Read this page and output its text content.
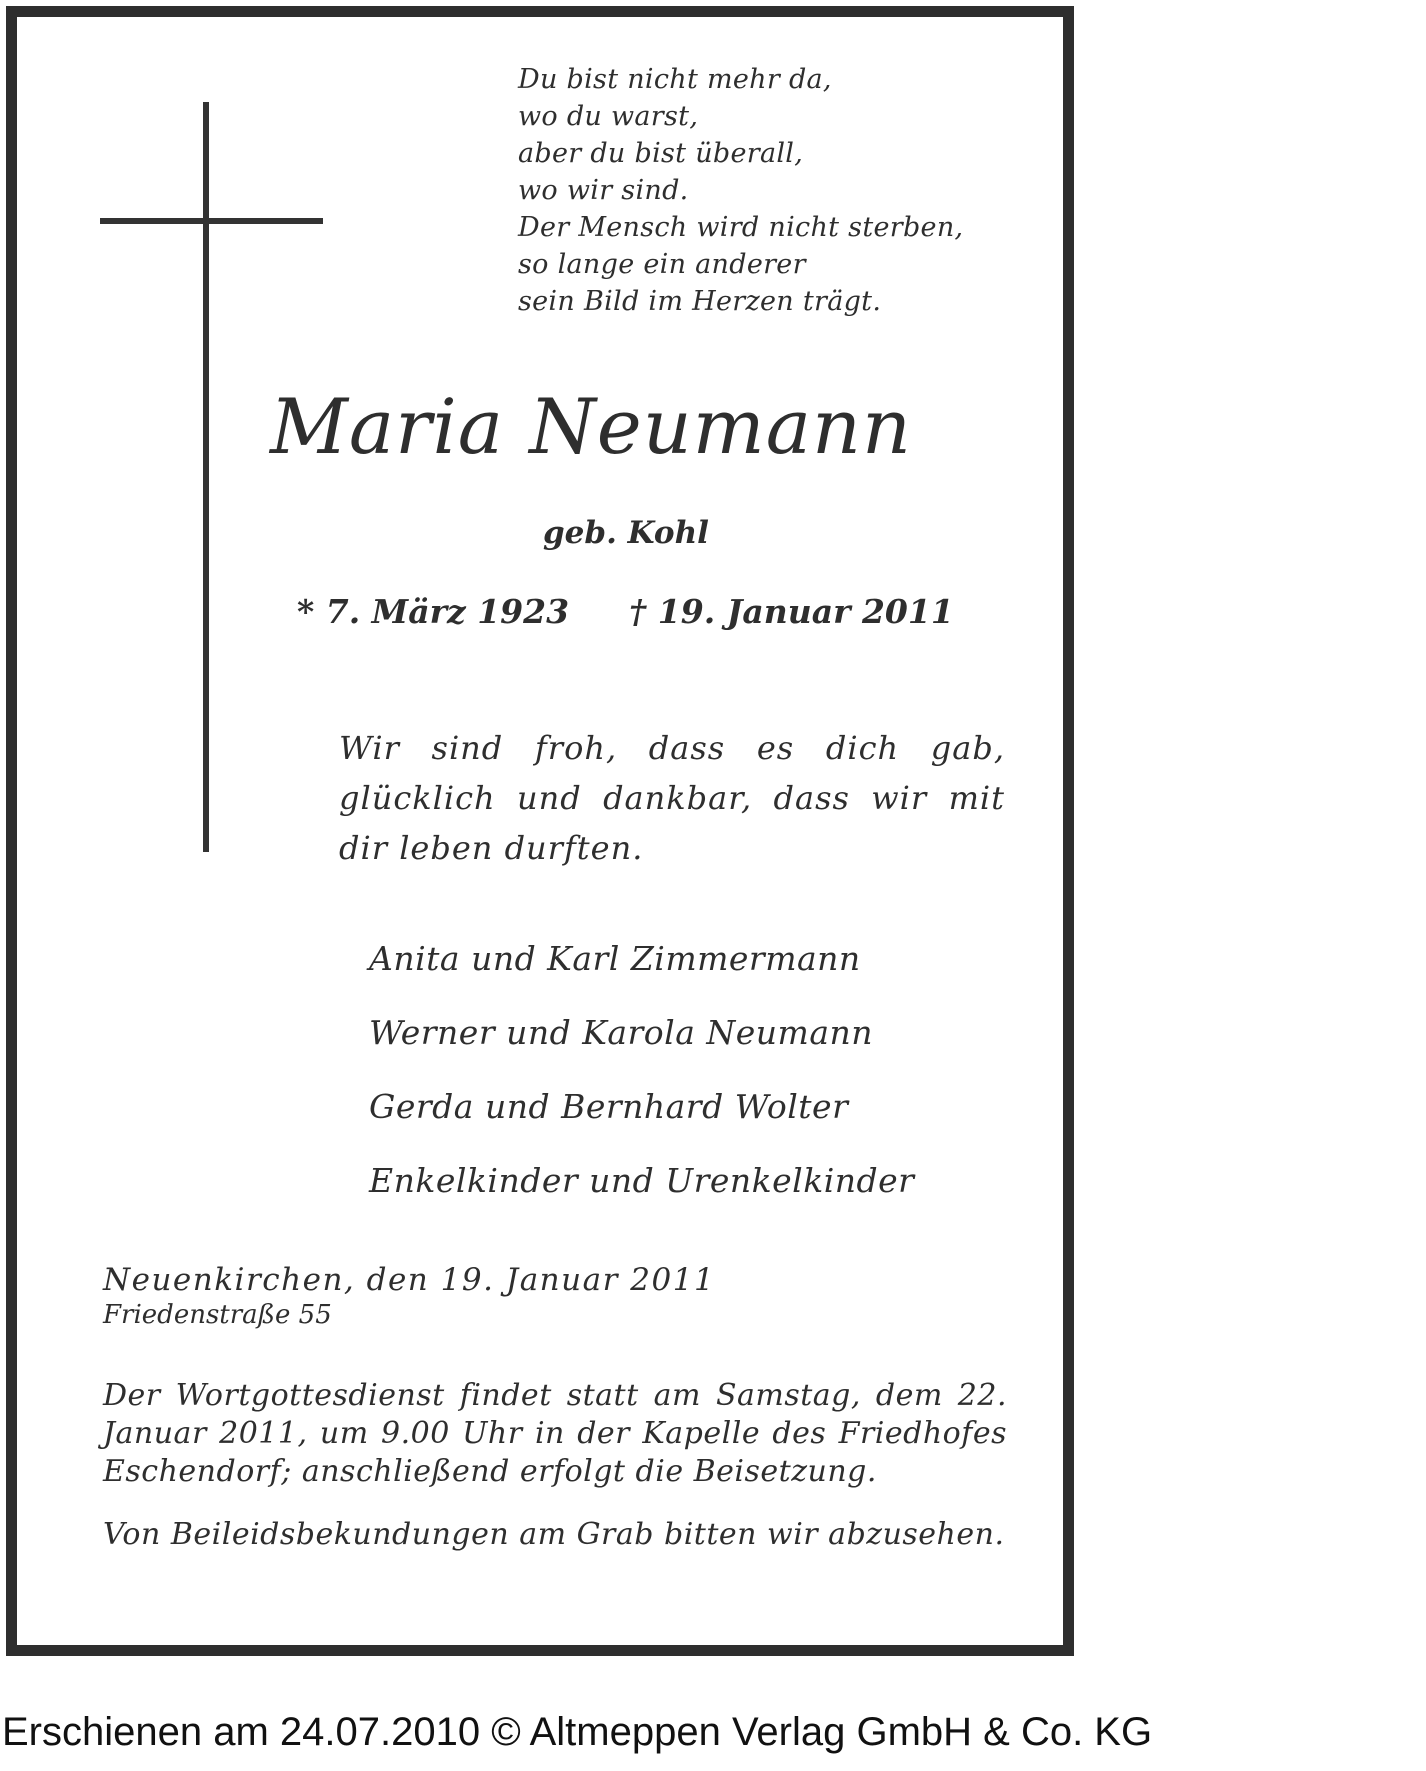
Du bist nicht mehr da,
wo du warst,
aber du bist überall,
wo wir sind.
Der Mensch wird nicht sterben,
so lange ein anderer
sein Bild im Herzen trägt.
Maria Neumann
geb. Kohl
* 7. März 1923 † 19. Januar 2011
Wir sind froh, dass es dich gab, glücklich und dankbar, dass wir mit dir leben durften.
Anita und Karl Zimmermann
Werner und Karola Neumann
Gerda und Bernhard Wolter
Enkelkinder und Urenkelkinder
Neuenkirchen, den 19. Januar 2011
Friedenstraße 55
Der Wortgottesdienst findet statt am Samstag, dem 22. Januar 2011, um 9.00 Uhr in der Kapelle des Friedhofes Eschendorf; anschließend erfolgt die Beisetzung.
Von Beileidsbekundungen am Grab bitten wir abzusehen.
Erschienen am 24.07.2010 © Altmeppen Verlag GmbH & Co. KG
